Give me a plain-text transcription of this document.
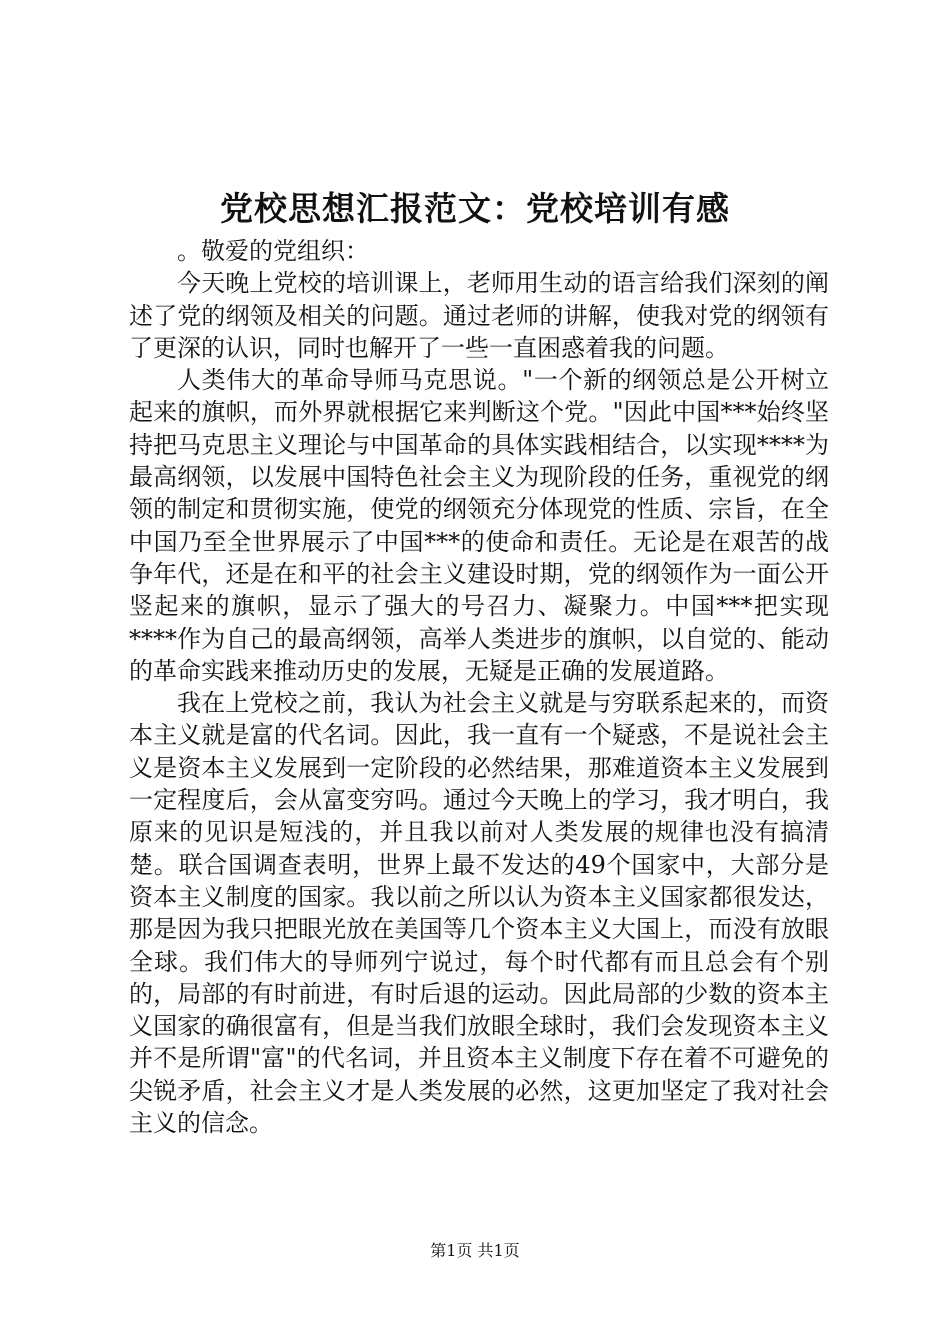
党校思想汇报范文：党校培训有感

。敬爱的党组织：

今天晚上党校的培训课上，老师用生动的语言给我们深刻的阐述了党的纲领及相关的问题。通过老师的讲解，使我对党的纲领有了更深的认识，同时也解开了一些一直困惑着我的问题。

人类伟大的革命导师马克思说。"一个新的纲领总是公开树立起来的旗帜，而外界就根据它来判断这个党。"因此中国***始终坚持把马克思主义理论与中国革命的具体实践相结合，以实现****为最高纲领，以发展中国特色社会主义为现阶段的任务，重视党的纲领的制定和贯彻实施，使党的纲领充分体现党的性质、宗旨，在全中国乃至全世界展示了中国***的使命和责任。无论是在艰苦的战争年代，还是在和平的社会主义建设时期，党的纲领作为一面公开竖起来的旗帜，显示了强大的号召力、凝聚力。中国***把实现****作为自己的最高纲领，高举人类进步的旗帜，以自觉的、能动的革命实践来推动历史的发展，无疑是正确的发展道路。

我在上党校之前，我认为社会主义就是与穷联系起来的，而资本主义就是富的代名词。因此，我一直有一个疑惑，不是说社会主义是资本主义发展到一定阶段的必然结果，那难道资本主义发展到一定程度后，会从富变穷吗。通过今天晚上的学习，我才明白，我原来的见识是短浅的，并且我以前对人类发展的规律也没有搞清楚。联合国调查表明，世界上最不发达的49个国家中，大部分是资本主义制度的国家。我以前之所以认为资本主义国家都很发达，那是因为我只把眼光放在美国等几个资本主义大国上，而没有放眼全球。我们伟大的导师列宁说过，每个时代都有而且总会有个别的，局部的有时前进，有时后退的运动。因此局部的少数的资本主义国家的确很富有，但是当我们放眼全球时，我们会发现资本主义并不是所谓"富"的代名词，并且资本主义制度下存在着不可避免的尖锐矛盾，社会主义才是人类发展的必然，这更加坚定了我对社会主义的信念。

第1页 共1页
